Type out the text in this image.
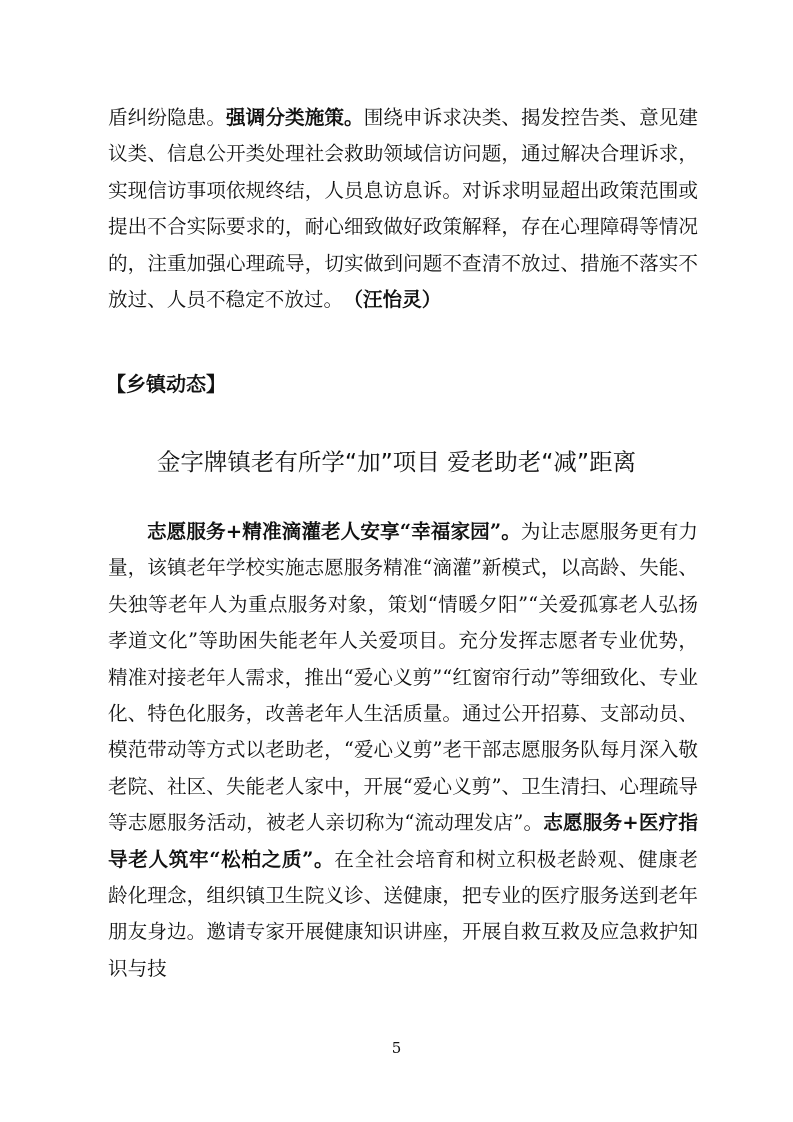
盾纠纷隐患。强调分类施策。围绕申诉求决类、揭发控告类、意见建议类、信息公开类处理社会救助领域信访问题，通过解决合理诉求，实现信访事项依规终结，人员息访息诉。对诉求明显超出政策范围或提出不合实际要求的，耐心细致做好政策解释，存在心理障碍等情况的，注重加强心理疏导，切实做到问题不查清不放过、措施不落实不放过、人员不稳定不放过。 （汪怡灵）

【乡镇动态】
金字牌镇老有所学“加”项目 爱老助老“减”距离

志愿服务+精准滴灌老人安享“幸福家园”。为让志愿服务更有力量，该镇老年学校实施志愿服务精准“滴灌”新模式，以高龄、失能、失独等老年人为重点服务对象，策划“情暖夕阳”“关爱孤寡老人弘扬孝道文化”等助困失能老年人关爱项目。充分发挥志愿者专业优势，精准对接老年人需求，推出“爱心义剪”“红窗帘行动”等细致化、专业化、特色化服务，改善老年人生活质量。通过公开招募、支部动员、模范带动等方式以老助老，“爱心义剪”老干部志愿服务队每月深入敬老院、社区、失能老人家中，开展“爱心义剪”、卫生清扫、心理疏导等志愿服务活动，被老人亲切称为“流动理发店”。志愿服务+医疗指导老人筑牢“松柏之质”。在全社会培育和树立积极老龄观、健康老龄化理念，组织镇卫生院义诊、送健康，把专业的医疗服务送到老年朋友身边。邀请专家开展健康知识讲座，开展自救互救及应急救护知识与技

5
